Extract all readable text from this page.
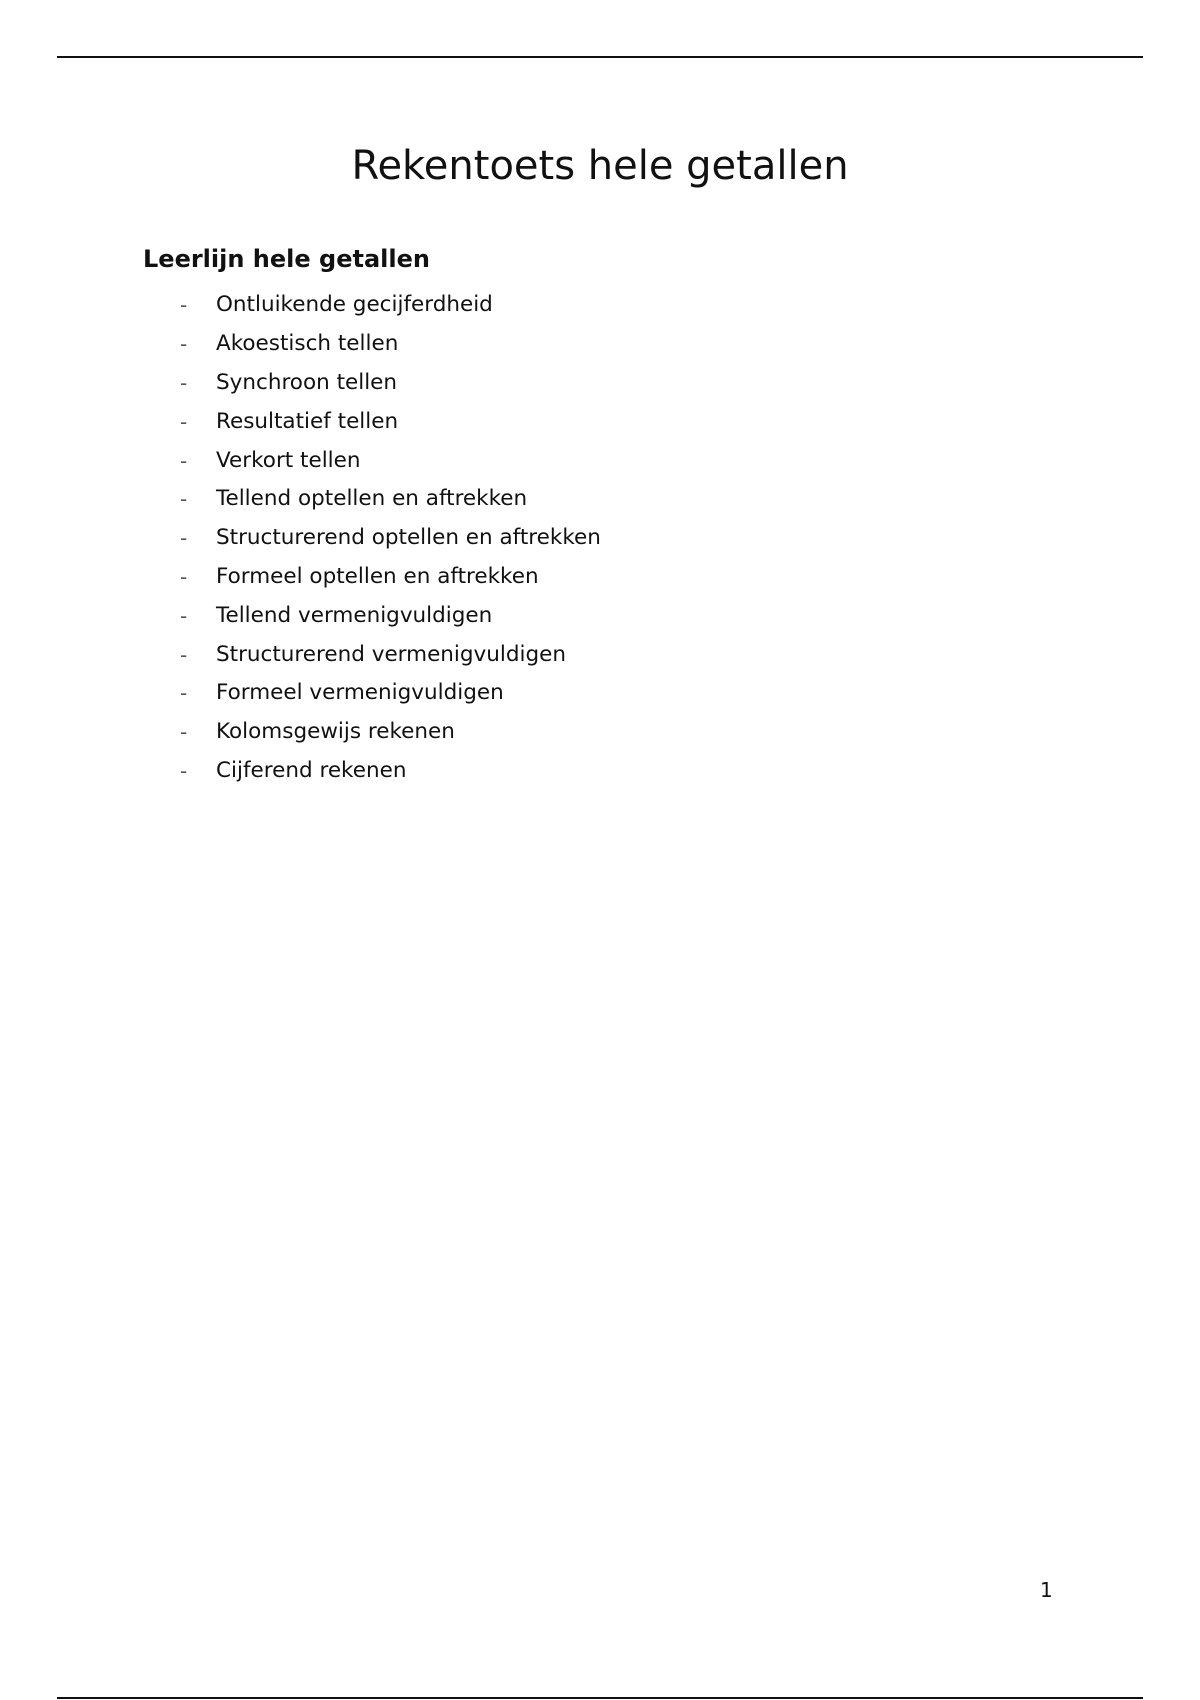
Rekentoets hele getallen
Leerlijn hele getallen
-	Ontluikende gecijferdheid
-	Akoestisch tellen
-	Synchroon tellen
-	Resultatief tellen
-	Verkort tellen
-	Tellend optellen en aftrekken
-	Structurerend optellen en aftrekken
-	Formeel optellen en aftrekken
-	Tellend vermenigvuldigen
-	Structurerend vermenigvuldigen
-	Formeel vermenigvuldigen
-	Kolomsgewijs rekenen
-	Cijferend rekenen
1
